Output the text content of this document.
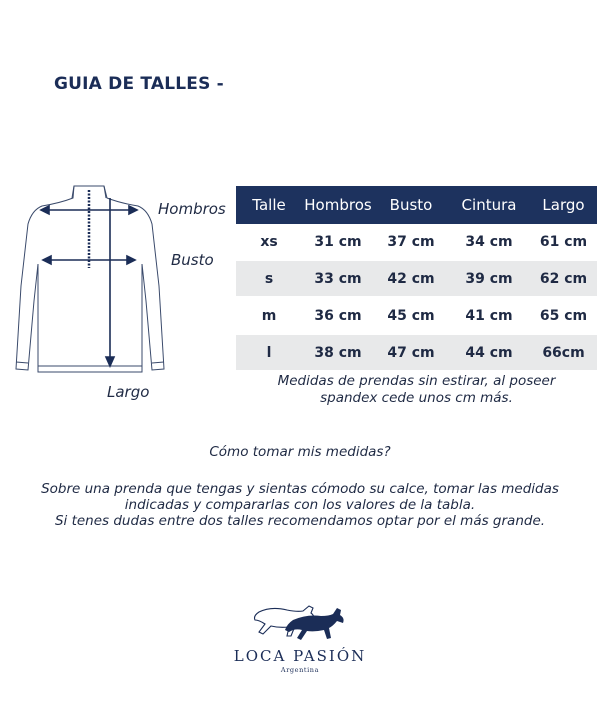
GUIA DE TALLES -
Hombros
Busto
Largo
Talle	Hombros	Busto	Cintura	Largo
xs	31 cm	37 cm	34 cm	61 cm

s	33 cm	42 cm	39 cm	62 cm

m	36 cm	45 cm	41 cm	65 cm

l	38 cm	47 cm	44 cm	66cm
Medidas de prendas sin estirar, al poseer
spandex cede unos cm más.
Cómo tomar mis medidas?
Sobre una prenda que tengas y sientas cómodo su calce, tomar las medidas
indicadas y compararlas con los valores de la tabla.
Si tenes dudas entre dos talles recomendamos optar por el más grande.
LOCA PASIÓN
Argentina
